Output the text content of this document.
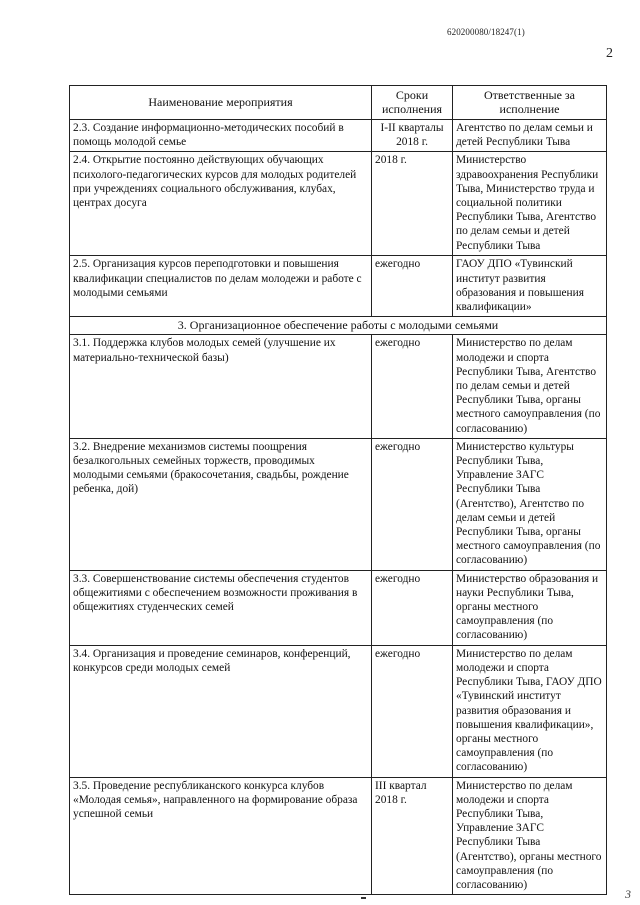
620200080/18247(1)
2
Наименование мероприятия	Сроки исполнения	Ответственные за исполнение
2.3. Создание информационно-методических пособий в помощь молодой семье	I-II кварталы 2018 г.	Агентство по делам семьи и детей Республики Тыва
2.4. Открытие постоянно действующих обучающих психолого-педагогических курсов для молодых родителей при учреждениях социального обслуживания, клубах, центрах досуга	2018 г.	Министерство здравоохранения Республики Тыва, Министерство труда и социальной политики Республики Тыва, Агентство по делам семьи и детей Республики Тыва
2.5. Организация курсов переподготовки и повышения квалификации специалистов по делам молодежи и работе с молодыми семьями	ежегодно	ГАОУ ДПО «Тувинский институт развития образования и повышения квалификации»
3. Организационное обеспечение работы с молодыми семьями		
3.1. Поддержка клубов молодых семей (улучшение их материально-технической базы)	ежегодно	Министерство по делам молодежи и спорта Республики Тыва, Агентство по делам семьи и детей Республики Тыва, органы местного самоуправления (по согласованию)
3.2. Внедрение механизмов системы поощрения безалкогольных семейных торжеств, проводимых молодыми семьями (бракосочетания, свадьбы, рождение ребенка, дой)	ежегодно	Министерство культуры Республики Тыва, Управление ЗАГС Республики Тыва (Агентство), Агентство по делам семьи и детей Республики Тыва, органы местного самоуправления (по согласованию)
3.3. Совершенствование системы обеспечения студентов общежитиями с обеспечением возможности проживания в общежитиях студенческих семей	ежегодно	Министерство образования и науки Республики Тыва, органы местного самоуправления (по согласованию)
3.4. Организация и проведение семинаров, конференций, конкурсов среди молодых семей	ежегодно	Министерство по делам молодежи и спорта Республики Тыва, ГАОУ ДПО «Тувинский институт развития образования и повышения квалификации», органы местного самоуправления (по согласованию)
3.5. Проведение республиканского конкурса клубов «Молодая семья», направленного на формирование образа успешной семьи	III квартал 2018 г.	Министерство по делам молодежи и спорта Республики Тыва, Управление ЗАГС Республики Тыва (Агентство), органы местного самоуправления (по согласованию)
3
